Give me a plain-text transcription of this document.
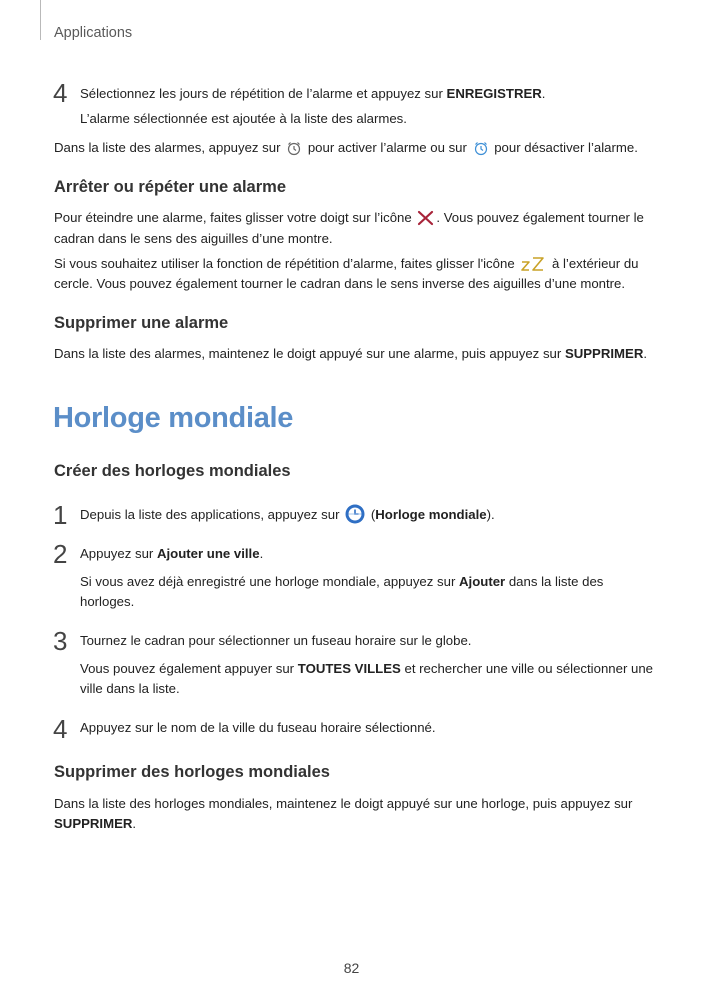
Applications
4 Sélectionnez les jours de répétition de l’alarme et appuyez sur ENREGISTRER.
L’alarme sélectionnée est ajoutée à la liste des alarmes.
Dans la liste des alarmes, appuyez sur  pour activer l’alarme ou sur  pour désactiver l’alarme.
Arrêter ou répéter une alarme
Pour éteindre une alarme, faites glisser votre doigt sur l’icône . Vous pouvez également tourner le
cadran dans le sens des aiguilles d’une montre.
Si vous souhaitez utiliser la fonction de répétition d’alarme, faites glisser l'icône  à l’extérieur du
cercle. Vous pouvez également tourner le cadran dans le sens inverse des aiguilles d’une montre.
Supprimer une alarme
Dans la liste des alarmes, maintenez le doigt appuyé sur une alarme, puis appuyez sur SUPPRIMER.
Horloge mondiale
Créer des horloges mondiales
1 Depuis la liste des applications, appuyez sur  (Horloge mondiale).
2 Appuyez sur Ajouter une ville.
Si vous avez déjà enregistré une horloge mondiale, appuyez sur Ajouter dans la liste des
horloges.
3 Tournez le cadran pour sélectionner un fuseau horaire sur le globe.
Vous pouvez également appuyer sur TOUTES VILLES et rechercher une ville ou sélectionner une
ville dans la liste.
4 Appuyez sur le nom de la ville du fuseau horaire sélectionné.
Supprimer des horloges mondiales
Dans la liste des horloges mondiales, maintenez le doigt appuyé sur une horloge, puis appuyez sur
SUPPRIMER.
82
